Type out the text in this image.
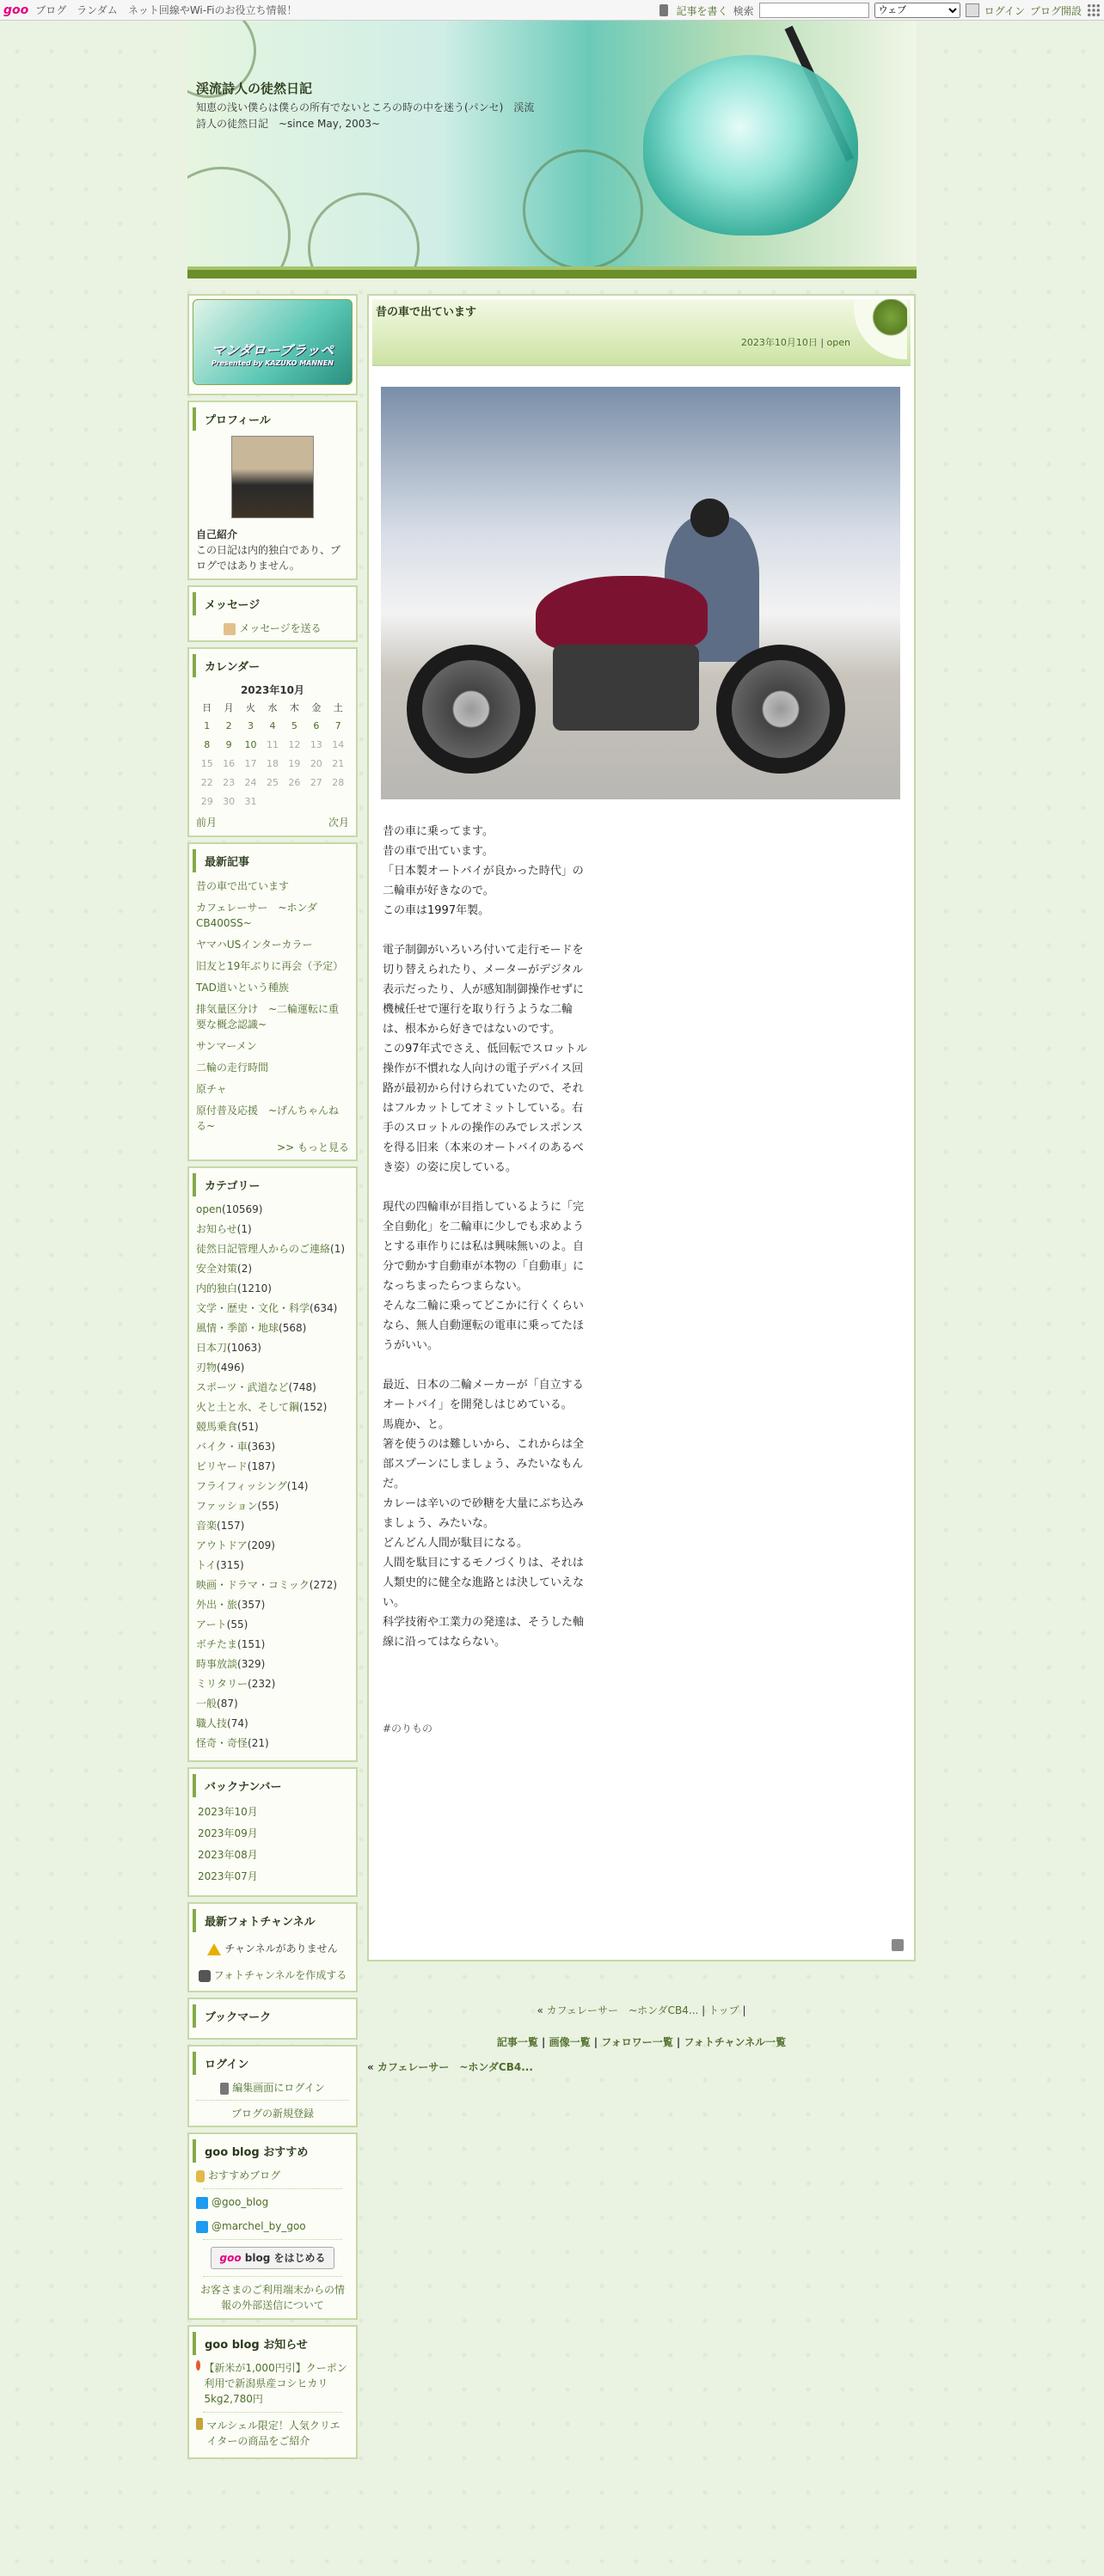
goo ブログ ランダム ネット回線やWi-Fiのお役立ち情報！	記事を書く 検索
ウェブ	ログイン ブログ開設
渓流詩人の徒然日記
知恵の浅い僕らは僕らの所有でないところの時の中を迷う(パンセ)　渓流詩人の徒然日記　~since May, 2003~
マンダローブラッペ
Presented by KAZUKO MANNEN
プロフィール
自己紹介
この日記は内的独白であり、ブログではありません。
メッセージ
メッセージを送る
カレンダー
2023年10月
日	月	火	水	木	金	土
1	2	3	4	5	6	7
8	9	10	11	12	13	14
15	16	17	18	19	20	21
22	23	24	25	26	27	28
29	30	31				
前月	次月
最新記事
昔の車で出ています
カフェレーサー　~ホンダCB400SS~
ヤマハUSインターカラー
旧友と19年ぶりに再会（予定）
TAD道いという種族
排気量区分け　~二輪運転に重要な概念認識~
サンマーメン
二輪の走行時間
原チャ
原付普及応援　~げんちゃんねる~
>> もっと見る
カテゴリー
open(10569)
お知らせ(1)
徒然日記管理人からのご連絡(1)
安全対策(2)
内的独白(1210)
文学・歴史・文化・科学(634)
風情・季節・地球(568)
日本刀(1063)
刃物(496)
スポーツ・武道など(748)
火と土と水、そして鋼(152)
競馬乗食(51)
バイク・車(363)
ビリヤード(187)
フライフィッシング(14)
ファッション(55)
音楽(157)
アウトドア(209)
トイ(315)
映画・ドラマ・コミック(272)
外出・旅(357)
アート(55)
ボチたま(151)
時事放談(329)
ミリタリー(232)
一般(87)
職人技(74)
怪奇・奇怪(21)
バックナンバー
2023年10月
2023年09月
2023年08月
2023年07月
最新フォトチャンネル
チャンネルがありません
フォトチャンネルを作成する
ブックマーク
ログイン
編集画面にログイン
ブログの新規登録
goo blog おすすめ
おすすめブログ
@goo_blog
@marchel_by_goo
goo blog をはじめる
お客さまのご利用端末からの情報の外部送信について
goo blog お知らせ
【新米が1,000円引】クーポン利用で新潟県産コシヒカリ5kg2,780円
マルシェル限定！人気クリエイターの商品をご紹介
昔の車で出ています
2023年10月10日 | open

昔の車に乗ってます。

昔の車で出ています。

「日本製オートバイが良かった時代」の二輪車が好きなので。

この車は1997年製。

電子制御がいろいろ付いて走行モードを切り替えられたり、メーターがデジタル表示だったり、人が感知制御操作せずに機械任せで運行を取り行うような二輪は、根本から好きではないのです。

この97年式でさえ、低回転でスロットル操作が不慣れな人向けの電子デバイス回路が最初から付けられていたので、それはフルカットしてオミットしている。右手のスロットルの操作のみでレスポンスを得る旧来（本来のオートバイのあるべき姿）の姿に戻している。

現代の四輪車が目指しているように「完全自動化」を二輪車に少しでも求めようとする車作りには私は興味無いのよ。自分で動かす自動車が本物の「自動車」になっちまったらつまらない。

そんな二輪に乗ってどこかに行くくらいなら、無人自動運転の電車に乗ってたほうがいい。

最近、日本の二輪メーカーが「自立するオートバイ」を開発しはじめている。

馬鹿か、と。

箸を使うのは難しいから、これからは全部スプーンにしましょう、みたいなもんだ。

カレーは辛いので砂糖を大量にぶち込みましょう、みたいな。

どんどん人間が駄目になる。

人間を駄目にするモノづくりは、それは人類史的に健全な進路とは決していえない。

科学技術や工業力の発達は、そうした軸線に沿ってはならない。

#のりもの
« カフェレーサー　~ホンダCB4... | トップ |
記事一覧 | 画像一覧 | フォロワー一覧 | フォトチャンネル一覧
« カフェレーサー　~ホンダCB4...
